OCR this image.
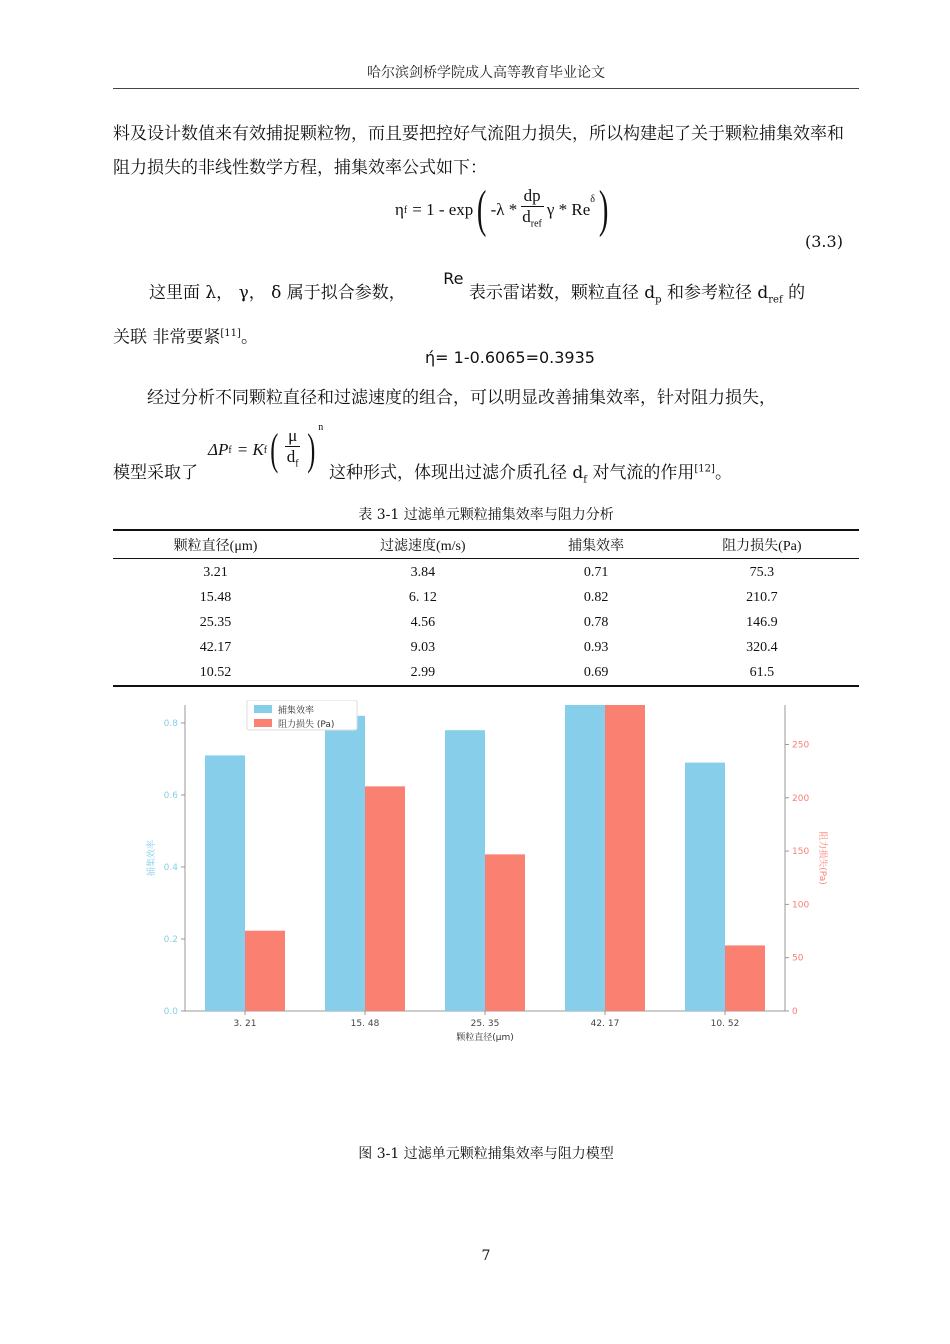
哈尔滨剑桥学院成人高等教育毕业论文
料及设计数值来有效捕捉颗粒物，而且要把控好气流阻力损失，所以构建起了关于颗粒捕集效率和阻力损失的非线性数学方程，捕集效率公式如下：
η f = 1 - exp ( $-\lambda * \frac{dp}{d_{ref}}$ γ * Re
$^\delta$ )
(3.3)
这里面 λ， γ， δ 属于拟合参数， Re 表示雷诺数，颗粒直径 $d_p$ 和参考粒径 $d_{ref}$ 的
关联 非常要紧[11]。
ή= 1-0.6065=0.3935
经过分析不同颗粒直径和过滤速度的组合，可以明显改善捕集效率，针对阻力损失，
模型采取了
ΔP f = K f ( $\frac{\mu}{d_f}$ ) $^n$
这种形式，体现出过滤介质孔径 $d_f$ 对气流的作用[12]。
表 3-1 过滤单元颗粒捕集效率与阻力分析
颗粒直径(μm)	过滤速度(m/s)	捕集效率	阻力损失(Pa)
3.21	3.84	0.71	75.3
15.48	6. 12	0.82	210.7
25.35	4.56	0.78	146.9
42.17	9.03	0.93	320.4
10.52	2.99	0.69	61.5
0.0
0.2
0.4
0.6
0.8
0
50
100
150
200
250
3. 21	15. 48	25. 35	42. 17	10. 52
颗粒直径(μm)
捕集效率	阻力损失(Pa)
捕集效率
阻力损失 (Pa)
图 3-1 过滤单元颗粒捕集效率与阻力模型
7
